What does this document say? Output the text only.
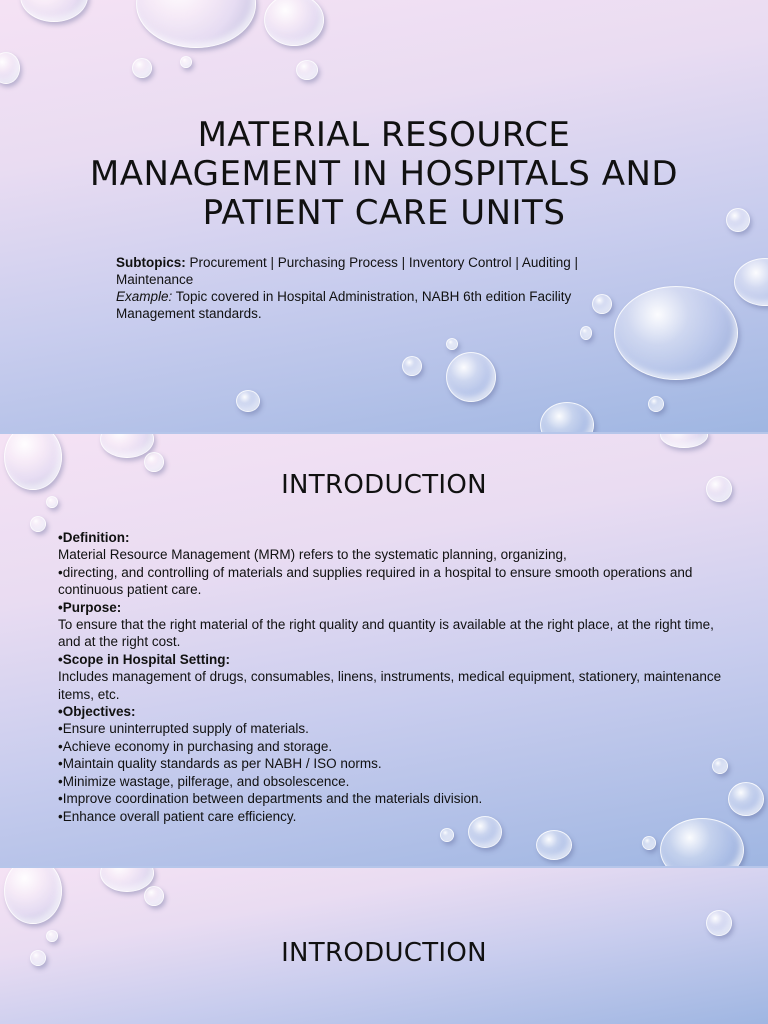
MATERIAL RESOURCE MANAGEMENT IN HOSPITALS AND PATIENT CARE UNITS
Subtopics: Procurement | Purchasing Process | Inventory Control | Auditing | Maintenance
Example: Topic covered in Hospital Administration, NABH 6th edition Facility Management standards.
INTRODUCTION
•Definition:
Material Resource Management (MRM) refers to the systematic planning, organizing,
•directing, and controlling of materials and supplies required in a hospital to ensure smooth operations and continuous patient care.
•Purpose:
To ensure that the right material of the right quality and quantity is available at the right place, at the right time, and at the right cost.
•Scope in Hospital Setting:
Includes management of drugs, consumables, linens, instruments, medical equipment, stationery, maintenance items, etc.
•Objectives:
•Ensure uninterrupted supply of materials.
•Achieve economy in purchasing and storage.
•Maintain quality standards as per NABH / ISO norms.
•Minimize wastage, pilferage, and obsolescence.
•Improve coordination between departments and the materials division.
•Enhance overall patient care efficiency.
INTRODUCTION
